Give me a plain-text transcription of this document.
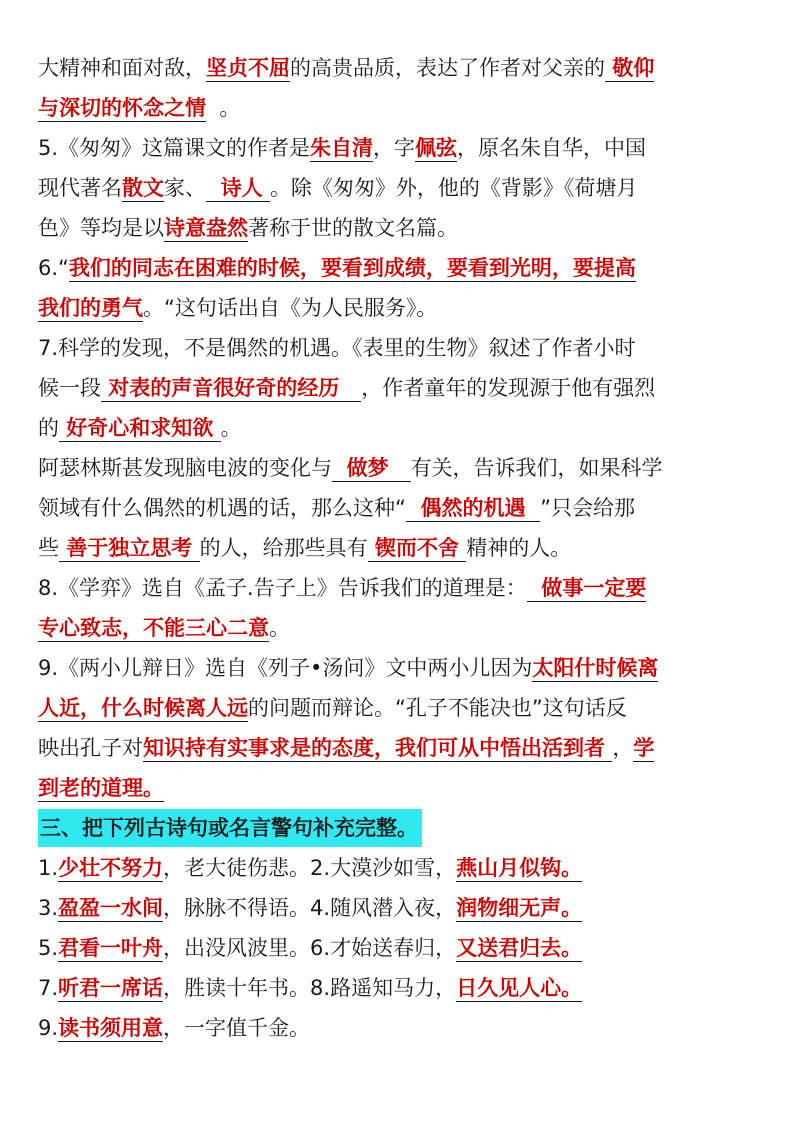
大精神和面对敌，坚贞不屈的高贵品质，表达了作者对父亲的 敬仰
与深切的怀念之情  。
5.《匆匆》这篇课文的作者是朱自清，字佩弦，原名朱自华，中国
现代著名散文家、  诗人 。除《匆匆》外，他的《背影》《荷塘月
色》等均是以诗意盎然著称于世的散文名篇。
6.“我们的同志在困难的时候，要看到成绩，要看到光明，要提高
我们的勇气。“这句话出自《为人民服务》。
7.科学的发现，不是偶然的机遇。《表里的生物》叙述了作者小时
候一段 对表的声音很好奇的经历   ，作者童年的发现源于他有强烈
的 好奇心和求知欲 。
阿瑟林斯甚发现脑电波的变化与  做梦   有关，告诉我们，如果科学
领域有什么偶然的机遇的话，那么这种“  偶然的机遇  ”只会给那
些 善于独立思考 的人，给那些具有 锲而不舍 精神的人。
8.《学弈》选自《孟子.告子上》告诉我们的道理是：  做事一定要
专心致志，不能三心二意。
9.《两小儿辩日》选自《列子•汤问》文中两小儿因为太阳什时候离
人近，什么时候离人远的问题而辩论。“孔子不能决也”这句话反
映出孔子对知识持有实事求是的态度，我们可从中悟出活到者 ，学
到老的道理。
三、把下列古诗句或名言警句补充完整。
1.少壮不努力，老大徒伤悲。2.大漠沙如雪，燕山月似钩。
3.盈盈一水间，脉脉不得语。4.随风潜入夜，润物细无声。
5.君看一叶舟，出没风波里。6.才始送春归，又送君归去。
7.听君一席话，胜读十年书。8.路遥知马力，日久见人心。
9.读书须用意，一字值千金。
